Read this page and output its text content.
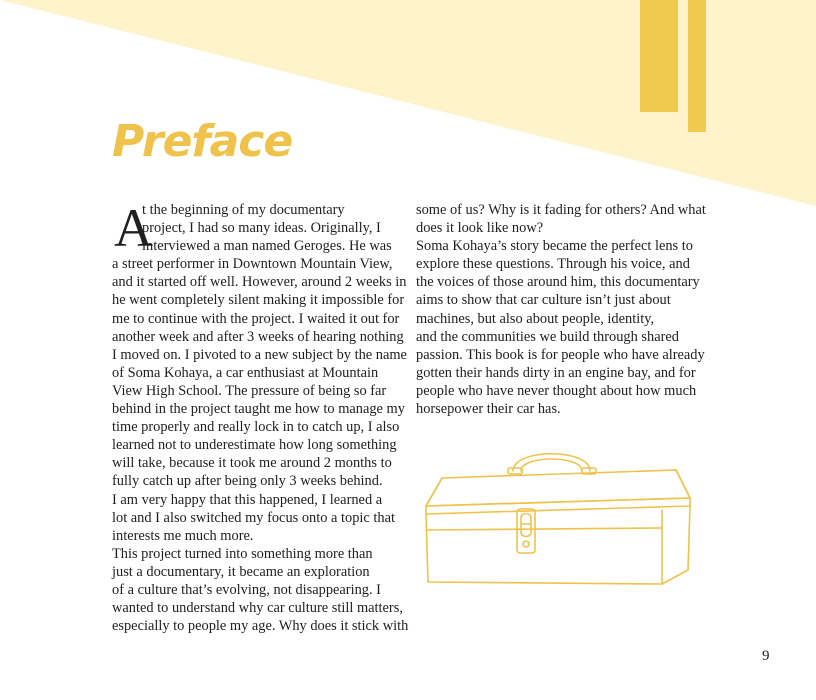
Preface
A
t the beginning of my documentary
project, I had so many ideas. Originally, I
interviewed a man named Geroges. He was
a street performer in Downtown Mountain View,
and it started off well. However, around 2 weeks in
he went completely silent making it impossible for
me to continue with the project. I waited it out for
another week and after 3 weeks of hearing nothing
I moved on. I pivoted to a new subject by the name
of Soma Kohaya, a car enthusiast at Mountain
View High School. The pressure of being so far
behind in the project taught me how to manage my
time properly and really lock in to catch up, I also
learned not to underestimate how long something
will take, because it took me around 2 months to
fully catch up after being only 3 weeks behind.
I am very happy that this happened, I learned a
lot and I also switched my focus onto a topic that
interests me much more.
This project turned into something more than
just a documentary, it became an exploration
of a culture that’s evolving, not disappearing. I
wanted to understand why car culture still matters,
especially to people my age. Why does it stick with
some of us? Why is it fading for others? And what
does it look like now?
Soma Kohaya’s story became the perfect lens to
explore these questions. Through his voice, and
the voices of those around him, this documentary
aims to show that car culture isn’t just about
machines, but also about people, identity,
and the communities we build through shared
passion. This book is for people who have already
gotten their hands dirty in an engine bay, and for
people who have never thought about how much
horsepower their car has.
9
